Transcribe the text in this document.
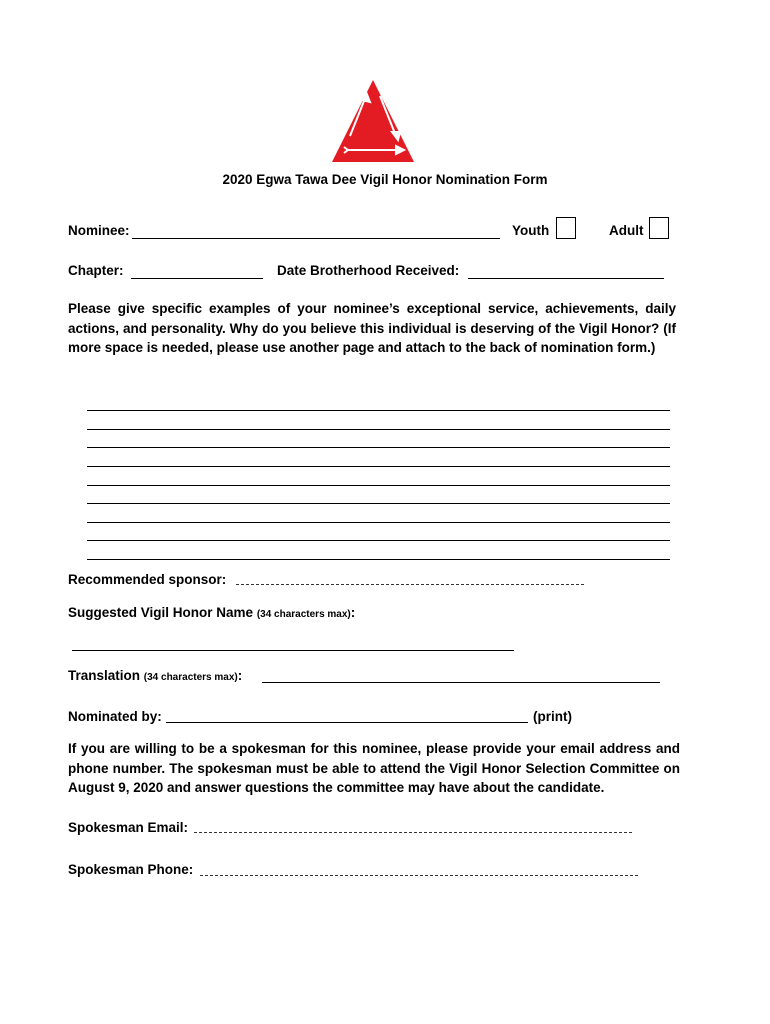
2020 Egwa Tawa Dee Vigil Honor Nomination Form
Nominee:	Youth	Adult
Chapter:	Date Brotherhood Received:
Please give specific examples of your nominee’s exceptional service, achievements, daily actions, and personality. Why do you believe this individual is deserving of the Vigil Honor? (If more space is needed, please use another page and attach to the back of nomination form.)
Recommended sponsor:
Suggested Vigil Honor Name (34 characters max):
Translation (34 characters max):
Nominated by:	(print)
If you are willing to be a spokesman for this nominee, please provide your email address and phone number. The spokesman must be able to attend the Vigil Honor Selection Committee on August 9, 2020 and answer questions the committee may have about the candidate.
Spokesman Email:
Spokesman Phone:
